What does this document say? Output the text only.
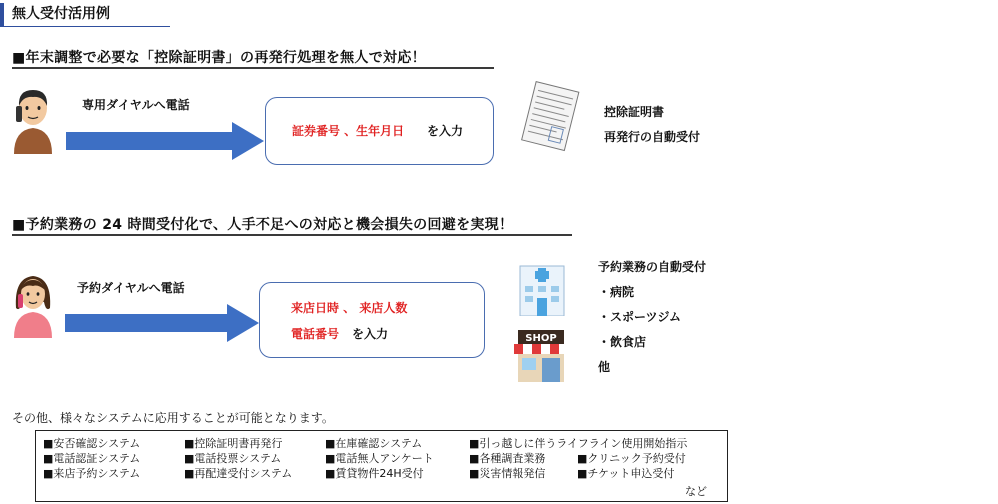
無人受付活用例
■年末調整で必要な「控除証明書」の再発行処理を無人で対応！
専用ダイヤルへ電話
証券番号 、生年月日 を入力
控除証明書
再発行の自動受付
■予約業務の 24 時間受付化で、人手不足への対応と機会損失の回避を実現！
予約ダイヤルへ電話
来店日時 、 来店人数
電話番号 を入力	SHOP
予約業務の自動受付
・病院
・スポーツジム
・飲食店
他
その他、様々なシステムに応用することが可能となります。
■安否確認システム	■控除証明書再発行	■在庫確認システム	■引っ越しに伴うライフライン使用開始指示
■電話認証システム	■電話投票システム	■電話無人アンケート	■各種調査業務	■クリニック予約受付
■来店予約システム	■再配達受付システム	■賃貸物件24H受付	■災害情報発信	■チケット申込受付
など
